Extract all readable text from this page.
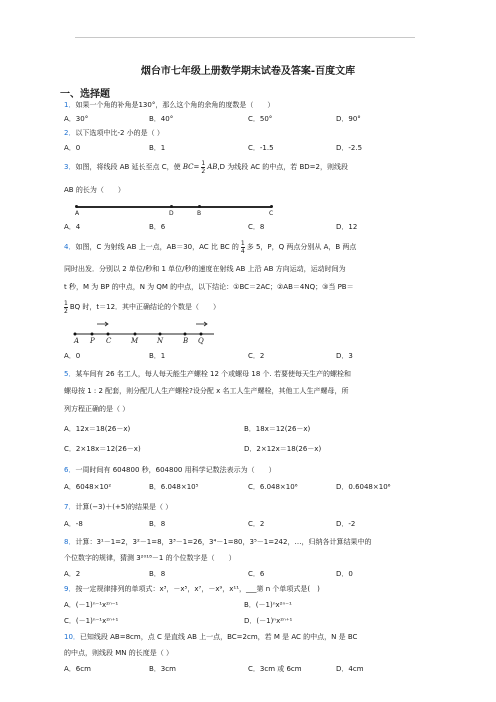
烟台市七年级上册数学期末试卷及答案-百度文库
一、选择题
1．如果一个角的补角是130°，那么这个角的余角的度数是（　　）
A．30°	B．40°	C．50°	D．90°
2．以下选项中比-2 小的是（ ）
A．0	B．1	C．-1.5	D．-2.5
3．如图，将线段 AB 延长至点 C，使 $BC= \frac{1}{2} AB,D$ 为线段 AC 的中点，若 BD=2，则线段
AB 的长为（　　）
A	D	B	C
A．4	B．6	C．8	D．12
4．如图，C 为射线 AB 上一点，AB＝30，AC 比 BC 的 $\frac{1}{4}$ 多 5，P，Q 两点分别从 A，B 两点
同时出发．分别以 2 单位/秒和 1 单位/秒的速度在射线 AB 上沿 AB 方向运动，运动时间为
t 秒，M 为 BP 的中点，N 为 QM 的中点，以下结论：①BC＝2AC；②AB＝4NQ；③当 PB＝
$\frac{1}{2}$ BQ 时，t＝12．其中正确结论的个数是（　　）
A P C	M	N	B Q
A．0	B．1	C．2	D．3
5．某车间有 26 名工人，每人每天能生产螺栓 12 个或螺母 18 个. 若要使每天生产的螺栓和
螺母按 1 : 2 配套，则分配几人生产螺栓?设分配 x 名工人生产螺栓，其他工人生产螺母，所
列方程正确的是（ ）
A．12x＝18(26－x)	B．18x＝12(26－x)
C．2×18x＝12(26－x)	D．2×12x＝18(26－x)
6．一周时间有 604800 秒，604800 用科学记数法表示为（　　）
A．6048×10²	B．6.048×10⁵	C．6.048×10⁶	D．0.6048×10⁶
7．计算(−3)＋(+5)的结果是（ ）
A．-8	B．8	C．2	D．-2
8．计算：3¹－1=2，3²－1=8，3³－1=26，3⁴－1=80，3⁵－1=242，…，归纳各计算结果中的
个位数字的规律，猜测 3²⁰¹⁸－1 的个位数字是（　　）
A．2	B．8	C．6	D．0
9．按一定规律排列的单项式：x³，－x⁵，x⁷，－x⁹，x¹¹，___第 n 个单项式是(　)
A．(－1)ⁿ⁻¹x²ⁿ⁻¹	B．(－1)ⁿx²ⁿ⁻¹
C．(－1)ⁿ⁻¹x²ⁿ⁺¹	D．(－1)ⁿx²ⁿ⁺¹
10．已知线段 AB=8cm，点 C 是直线 AB 上一点，BC=2cm，若 M 是 AC 的中点，N 是 BC
的中点，则线段 MN 的长度是（ ）
A．6cm	B．3cm	C．3cm 或 6cm	D．4cm
